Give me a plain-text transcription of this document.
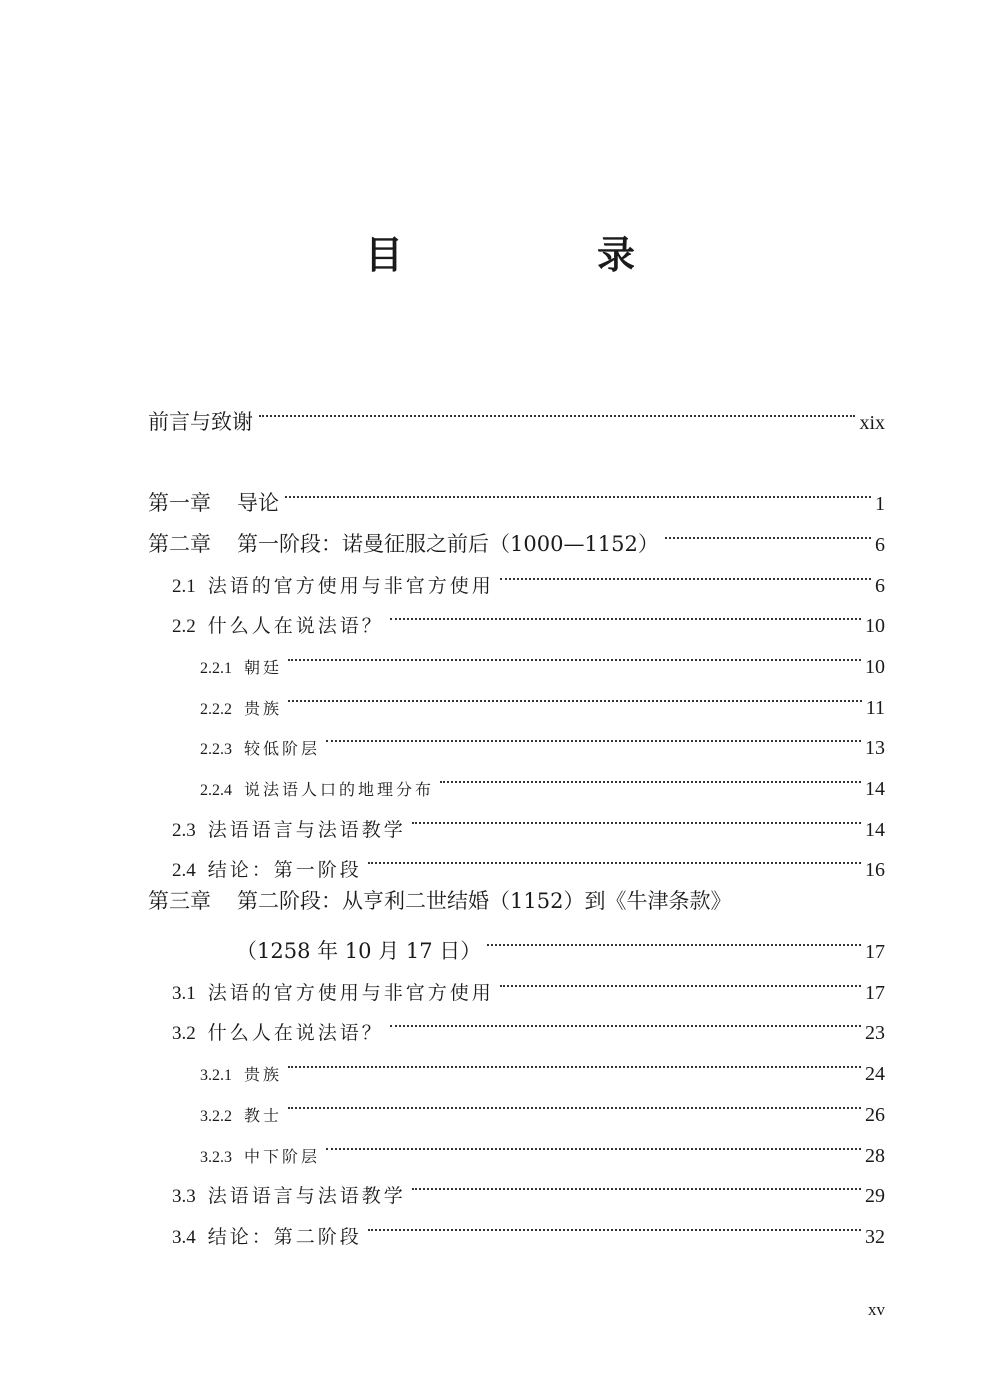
目　录
前言与致谢	xix
第一章 导论	1
第二章 第一阶段：诺曼征服之前后（1000—1152）	6
2.1 法语的官方使用与非官方使用	6
2.2 什么人在说法语？	10
2.2.1 朝廷	10
2.2.2 贵族	11
2.2.3 较低阶层	13
2.2.4 说法语人口的地理分布	14
2.3 法语语言与法语教学	14
2.4 结论：第一阶段	16
第三章 第二阶段：从亨利二世结婚（1152）到《牛津条款》
（1258 年 10 月 17 日）	17
3.1 法语的官方使用与非官方使用	17
3.2 什么人在说法语？	23
3.2.1 贵族	24
3.2.2 教士	26
3.2.3 中下阶层	28
3.3 法语语言与法语教学	29
3.4 结论：第二阶段	32
xv
